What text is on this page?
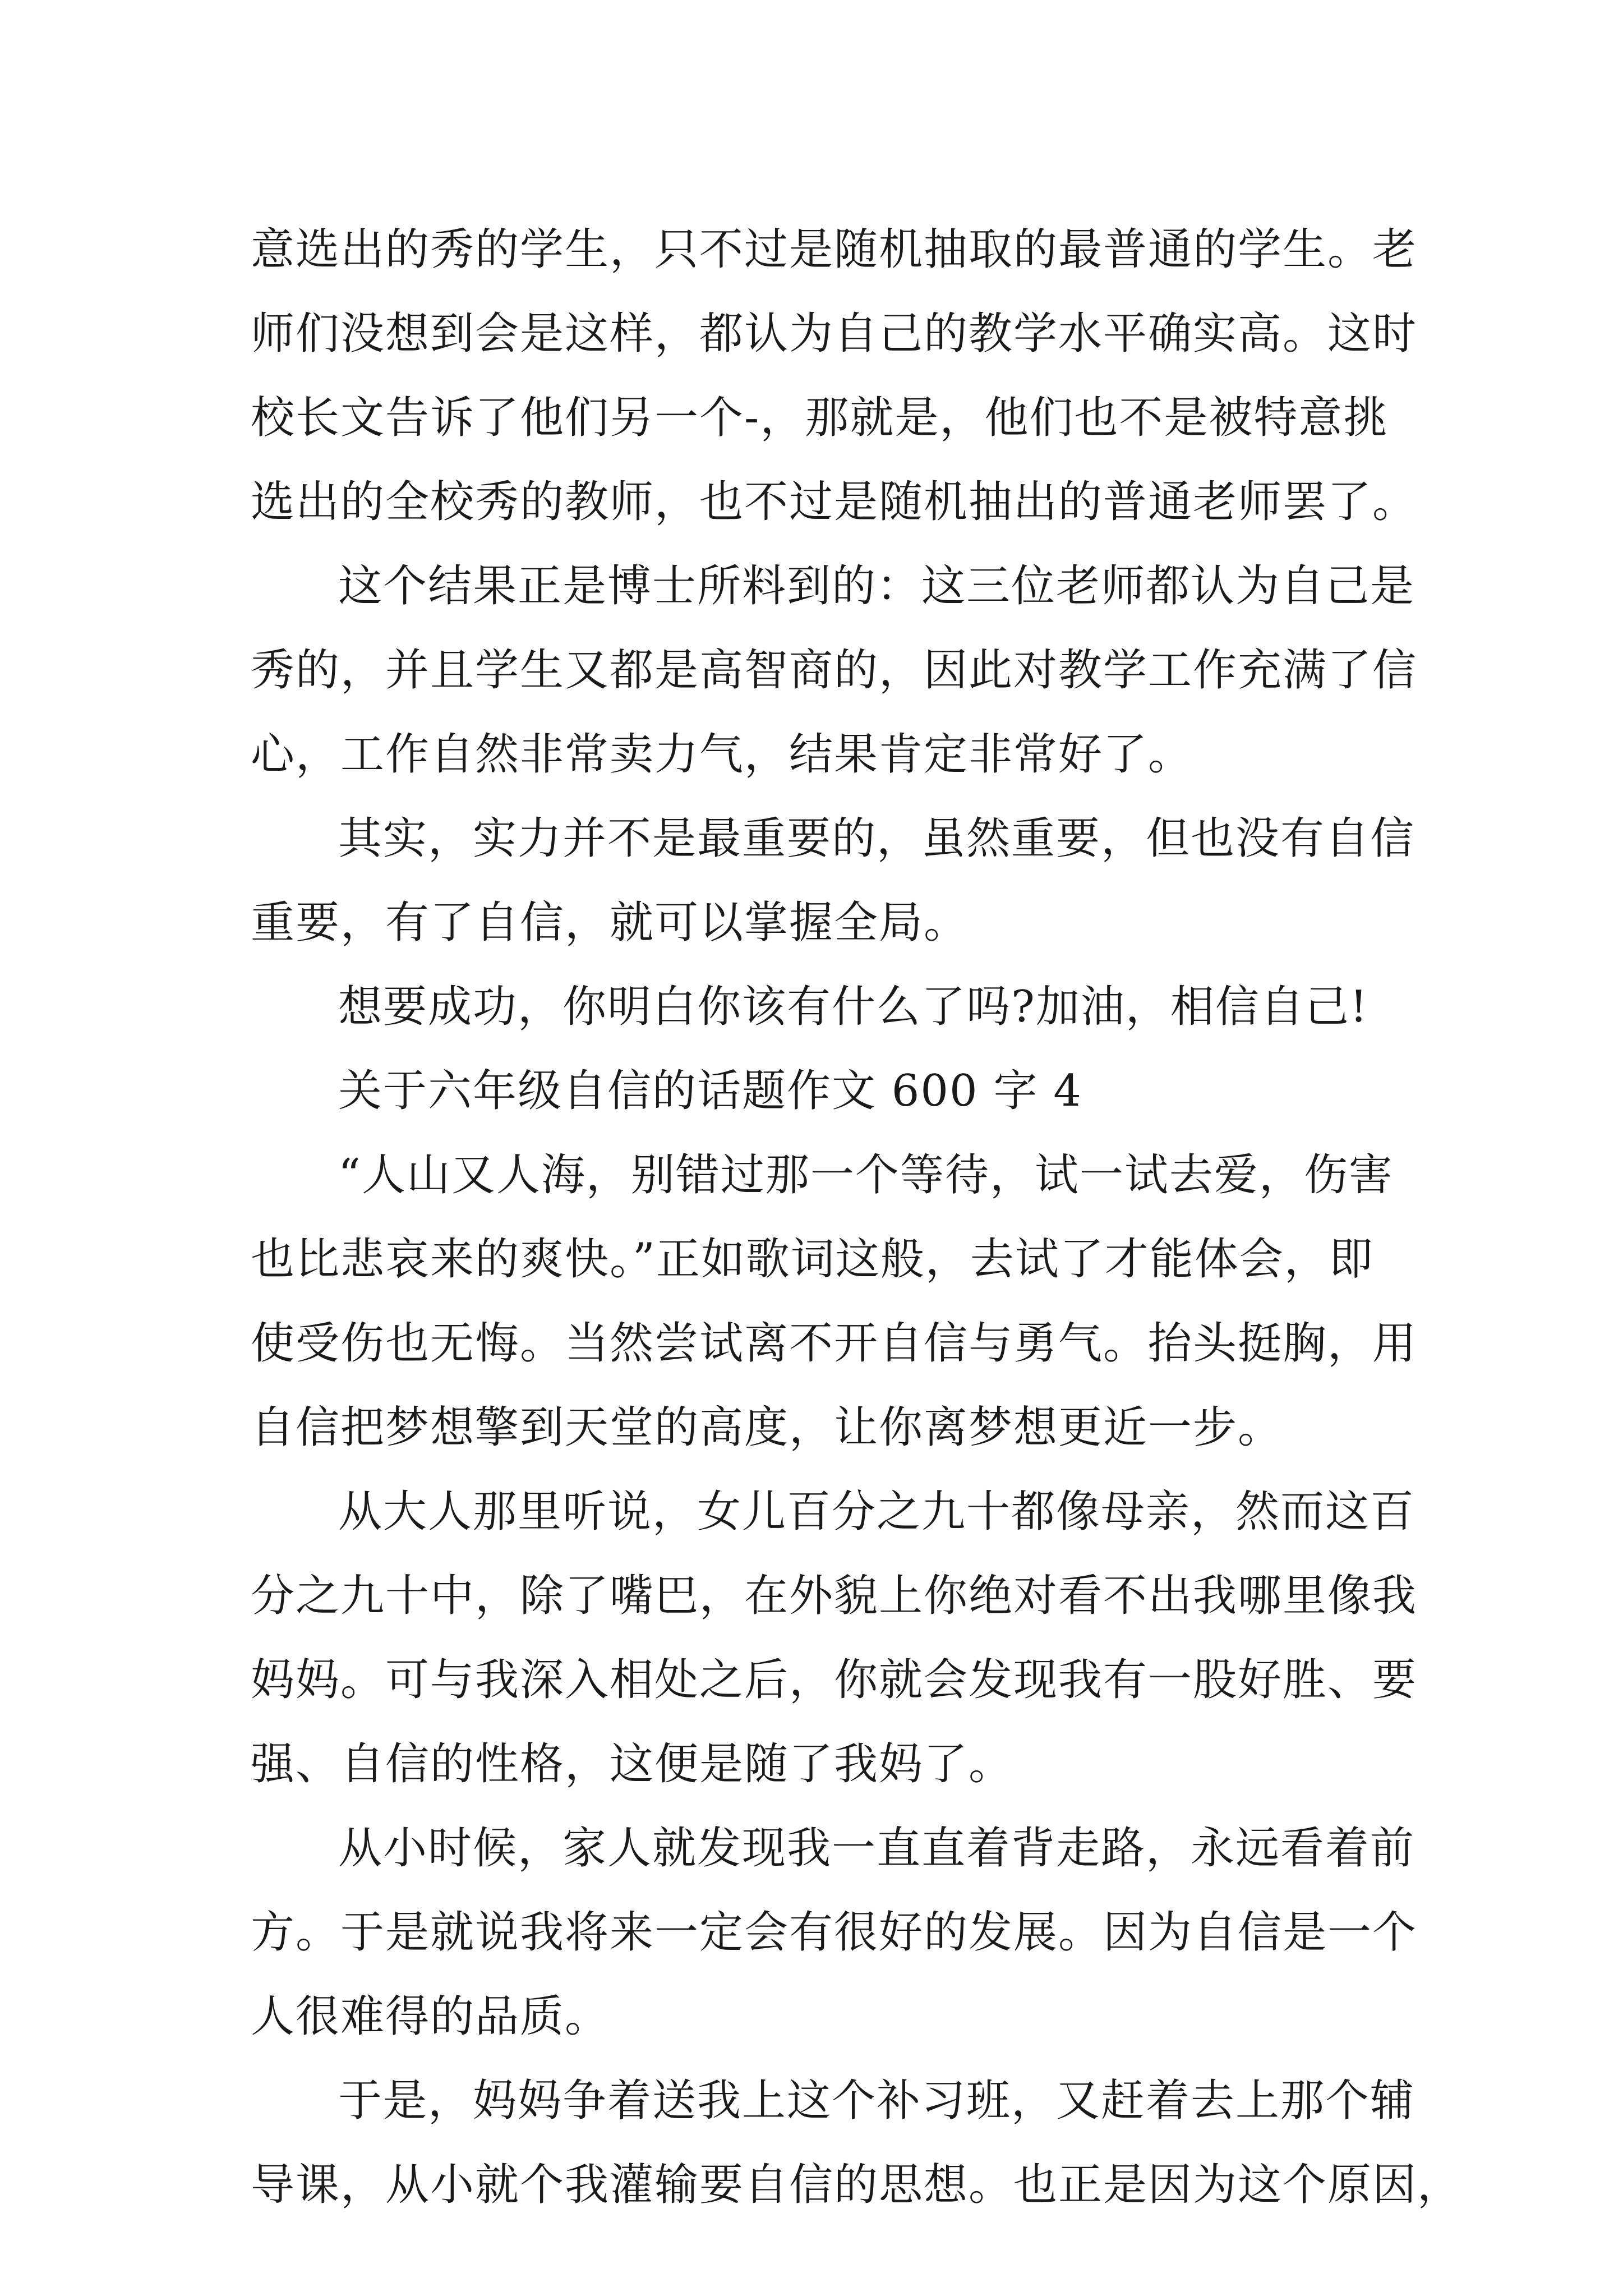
意选出的秀的学生，只不过是随机抽取的最普通的学生。老
师们没想到会是这样，都认为自己的教学水平确实高。这时
校长文告诉了他们另一个-，那就是，他们也不是被特意挑
选出的全校秀的教师，也不过是随机抽出的普通老师罢了。
这个结果正是博士所料到的：这三位老师都认为自己是
秀的，并且学生又都是高智商的，因此对教学工作充满了信
心，工作自然非常卖力气，结果肯定非常好了。
其实，实力并不是最重要的，虽然重要，但也没有自信
重要，有了自信，就可以掌握全局。
想要成功，你明白你该有什么了吗?加油，相信自己!
关于六年级自信的话题作文 600 字 4
“人山又人海，别错过那一个等待，试一试去爱，伤害
也比悲哀来的爽快。”正如歌词这般，去试了才能体会，即
使受伤也无悔。当然尝试离不开自信与勇气。抬头挺胸，用
自信把梦想擎到天堂的高度，让你离梦想更近一步。
从大人那里听说，女儿百分之九十都像母亲，然而这百
分之九十中，除了嘴巴，在外貌上你绝对看不出我哪里像我
妈妈。可与我深入相处之后，你就会发现我有一股好胜、要
强、自信的性格，这便是随了我妈了。
从小时候，家人就发现我一直直着背走路，永远看着前
方。于是就说我将来一定会有很好的发展。因为自信是一个
人很难得的品质。
于是，妈妈争着送我上这个补习班，又赶着去上那个辅
导课，从小就个我灌输要自信的思想。也正是因为这个原因，
